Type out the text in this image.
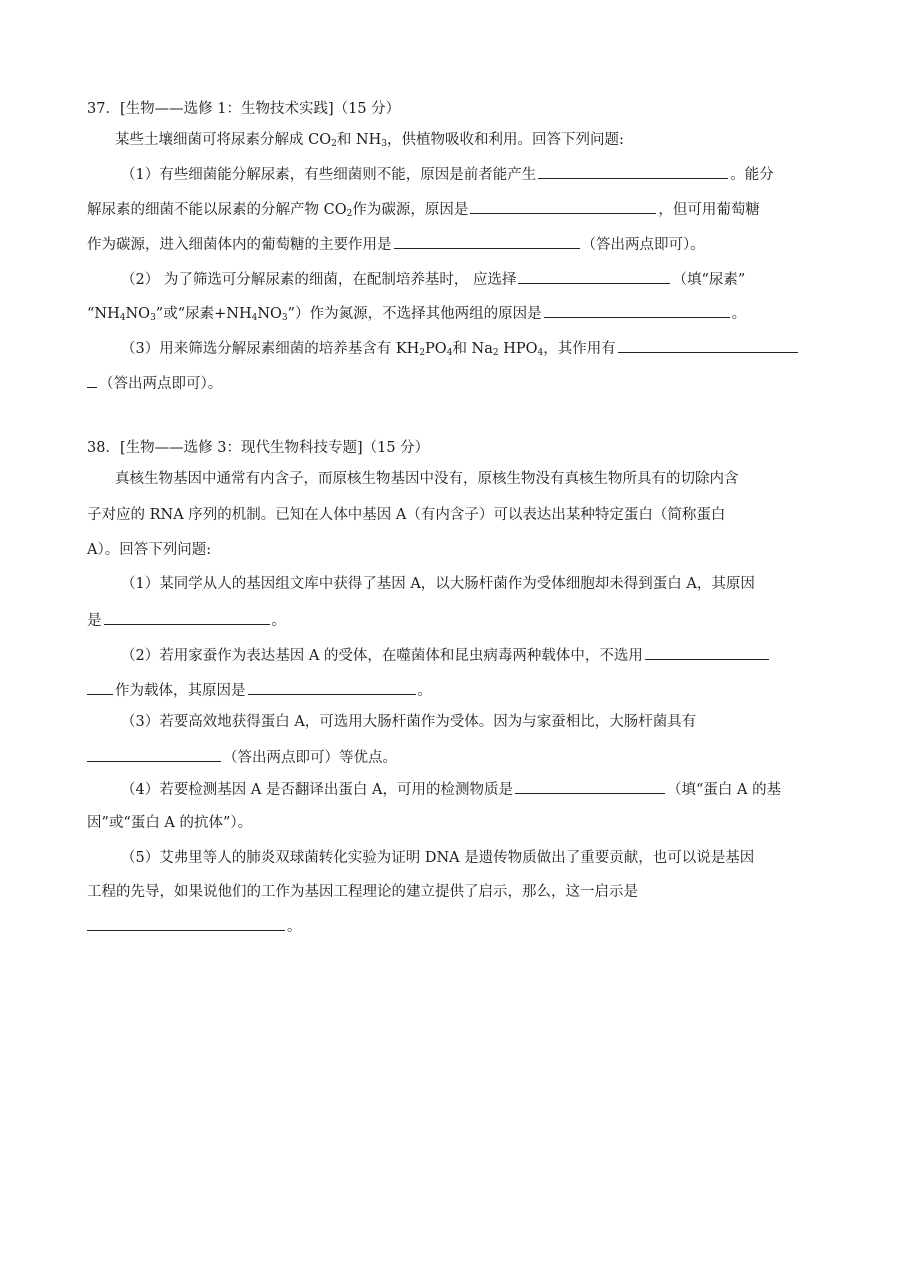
37．[生物——选修 1：生物技术实践]（15 分）
某些土壤细菌可将尿素分解成 $CO_2$和 $NH_3$，供植物吸收和利用。回答下列问题:
（1）有些细菌能分解尿素，有些细菌则不能，原因是前者能产生	。能分
解尿素的细菌不能以尿素的分解产物 $CO_2$作为碳源，原因是	，但可用葡萄糖
作为碳源，进入细菌体内的葡萄糖的主要作用是	（答出两点即可）。
（2） 为了筛选可分解尿素的细菌，在配制培养基时， 应选择	（填“尿素”
“$NH_4NO_3$”或“尿素$+NH_4NO_3$”）作为氮源，不选择其他两组的原因是	。
（3）用来筛选分解尿素细菌的培养基含有 $KH_2PO_4$和 $Na_2$ $HPO_4$，其作用有
（答出两点即可）。
38．[生物——选修 3：现代生物科技专题]（15 分）
真核生物基因中通常有内含子，而原核生物基因中没有，原核生物没有真核生物所具有的切除内含
子对应的 RNA 序列的机制。已知在人体中基因 A（有内含子）可以表达出某种特定蛋白（简称蛋白
A）。回答下列问题:
（1）某同学从人的基因组文库中获得了基因 A，以大肠杆菌作为受体细胞却未得到蛋白 A，其原因
是	。
（2）若用家蚕作为表达基因 A 的受体，在噬菌体和昆虫病毒两种载体中，不选用
作为载体，其原因是	。
（3）若要高效地获得蛋白 A，可选用大肠杆菌作为受体。因为与家蚕相比，大肠杆菌具有
（答出两点即可）等优点。
（4）若要检测基因 A 是否翻译出蛋白 A，可用的检测物质是	（填“蛋白 A 的基
因”或“蛋白 A 的抗体”）。
（5）艾弗里等人的肺炎双球菌转化实验为证明 DNA 是遗传物质做出了重要贡献，也可以说是基因
工程的先导，如果说他们的工作为基因工程理论的建立提供了启示，那么，这一启示是
。
